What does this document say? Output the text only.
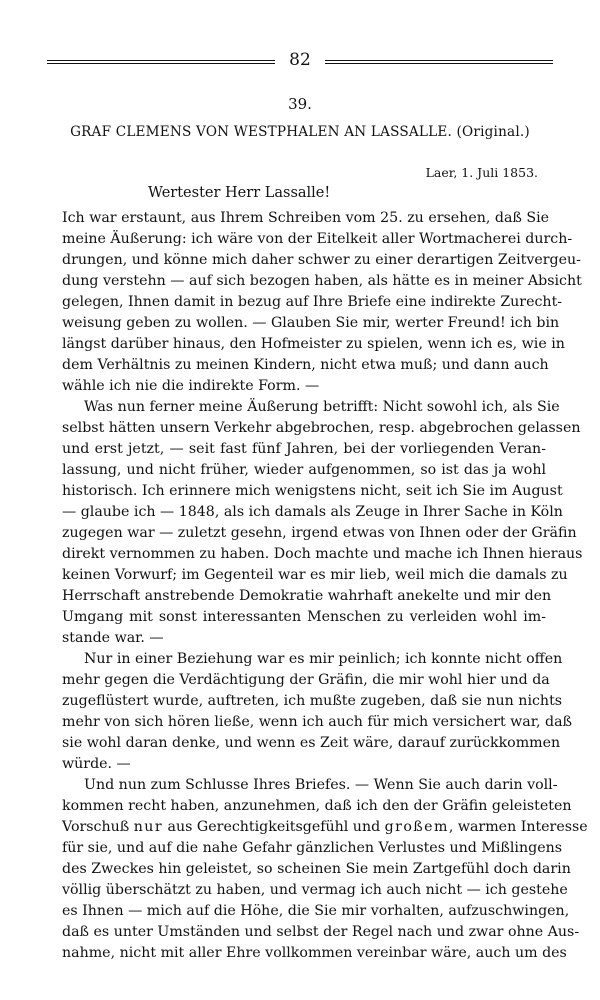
82
39.
GRAF CLEMENS VON WESTPHALEN AN LASSALLE. (Original.)
Laer, 1. Juli 1853.
Wertester Herr Lassalle!
Ich war erstaunt, aus Ihrem Schreiben vom 25. zu ersehen, daß Sie
meine Äußerung: ich wäre von der Eitelkeit aller Wortmacherei durch-
drungen, und könne mich daher schwer zu einer derartigen Zeitvergeu-
dung verstehn — auf sich bezogen haben, als hätte es in meiner Absicht
gelegen, Ihnen damit in bezug auf Ihre Briefe eine indirekte Zurecht-
weisung geben zu wollen. — Glauben Sie mir, werter Freund! ich bin
längst darüber hinaus, den Hofmeister zu spielen, wenn ich es, wie in
dem Verhältnis zu meinen Kindern, nicht etwa muß; und dann auch
wähle ich nie die indirekte Form. —
Was nun ferner meine Äußerung betrifft: Nicht sowohl ich, als Sie
selbst hätten unsern Verkehr abgebrochen, resp. abgebrochen gelassen
und erst jetzt, — seit fast fünf Jahren, bei der vorliegenden Veran-
lassung, und nicht früher, wieder aufgenommen, so ist das ja wohl
historisch. Ich erinnere mich wenigstens nicht, seit ich Sie im August
— glaube ich — 1848, als ich damals als Zeuge in Ihrer Sache in Köln
zugegen war — zuletzt gesehn, irgend etwas von Ihnen oder der Gräfin
direkt vernommen zu haben. Doch machte und mache ich Ihnen hieraus
keinen Vorwurf; im Gegenteil war es mir lieb, weil mich die damals zu
Herrschaft anstrebende Demokratie wahrhaft anekelte und mir den
Umgang mit sonst interessanten Menschen zu verleiden wohl im-
stande war. —
Nur in einer Beziehung war es mir peinlich; ich konnte nicht offen
mehr gegen die Verdächtigung der Gräfin, die mir wohl hier und da
zugeflüstert wurde, auftreten, ich mußte zugeben, daß sie nun nichts
mehr von sich hören ließe, wenn ich auch für mich versichert war, daß
sie wohl daran denke, und wenn es Zeit wäre, darauf zurückkommen
würde. —
Und nun zum Schlusse Ihres Briefes. — Wenn Sie auch darin voll-
kommen recht haben, anzunehmen, daß ich den der Gräfin geleisteten
Vorschuß nur aus Gerechtigkeitsgefühl und großem, warmen Interesse
für sie, und auf die nahe Gefahr gänzlichen Verlustes und Mißlingens
des Zweckes hin geleistet, so scheinen Sie mein Zartgefühl doch darin
völlig überschätzt zu haben, und vermag ich auch nicht — ich gestehe
es Ihnen — mich auf die Höhe, die Sie mir vorhalten, aufzuschwingen,
daß es unter Umständen und selbst der Regel nach und zwar ohne Aus-
nahme, nicht mit aller Ehre vollkommen vereinbar wäre, auch um des
